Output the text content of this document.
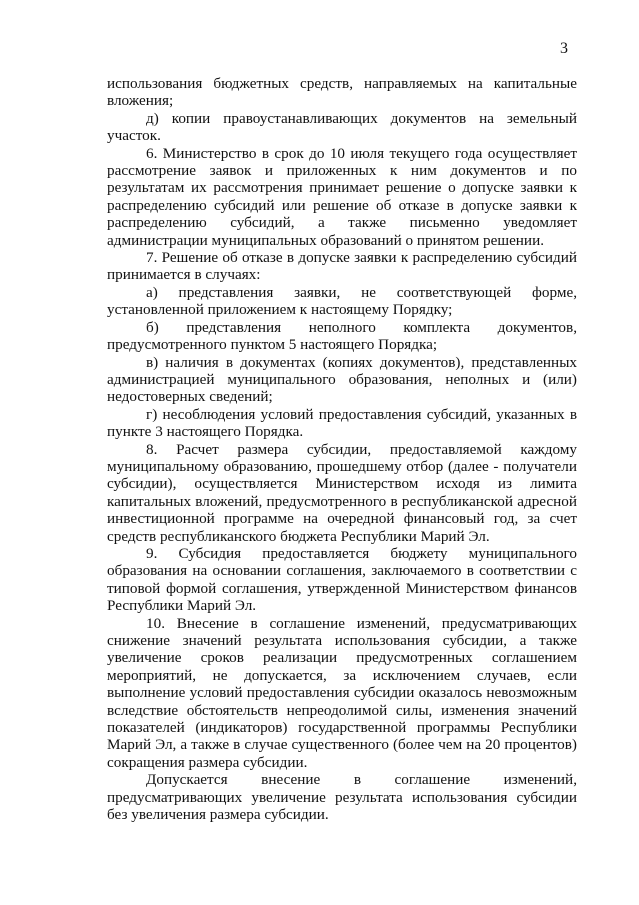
3

использования бюджетных средств, направляемых на капитальные вложения;

д) копии правоустанавливающих документов на земельный участок.

6. Министерство в срок до 10 июля текущего года осуществляет рассмотрение заявок и приложенных к ним документов и по результатам их рассмотрения принимает решение о допуске заявки к распределению субсидий или решение об отказе в допуске заявки к распределению субсидий, а также письменно уведомляет администрации муниципальных образований о принятом решении.

7. Решение об отказе в допуске заявки к распределению субсидий принимается в случаях:

а) представления заявки, не соответствующей форме, установленной приложением к настоящему Порядку;

б) представления неполного комплекта документов, предусмотренного пунктом 5 настоящего Порядка;

в) наличия в документах (копиях документов), представленных администрацией муниципального образования, неполных и (или) недостоверных сведений;

г) несоблюдения условий предоставления субсидий, указанных в пункте 3 настоящего Порядка.

8. Расчет размера субсидии, предоставляемой каждому муниципальному образованию, прошедшему отбор (далее - получатели субсидии), осуществляется Министерством исходя из лимита капитальных вложений, предусмотренного в республиканской адресной инвестиционной программе на очередной финансовый год, за счет средств республиканского бюджета Республики Марий Эл.

9. Субсидия предоставляется бюджету муниципального образования на основании соглашения, заключаемого в соответствии с типовой формой соглашения, утвержденной Министерством финансов Республики Марий Эл.

10. Внесение в соглашение изменений, предусматривающих снижение значений результата использования субсидии, а также увеличение сроков реализации предусмотренных соглашением мероприятий, не допускается, за исключением случаев, если выполнение условий предоставления субсидии оказалось невозможным вследствие обстоятельств непреодолимой силы, изменения значений показателей (индикаторов) государственной программы Республики Марий Эл, а также в случае существенного (более чем на 20 процентов) сокращения размера субсидии.

Допускается внесение в соглашение изменений, предусматривающих увеличение результата использования субсидии без увеличения размера субсидии.
